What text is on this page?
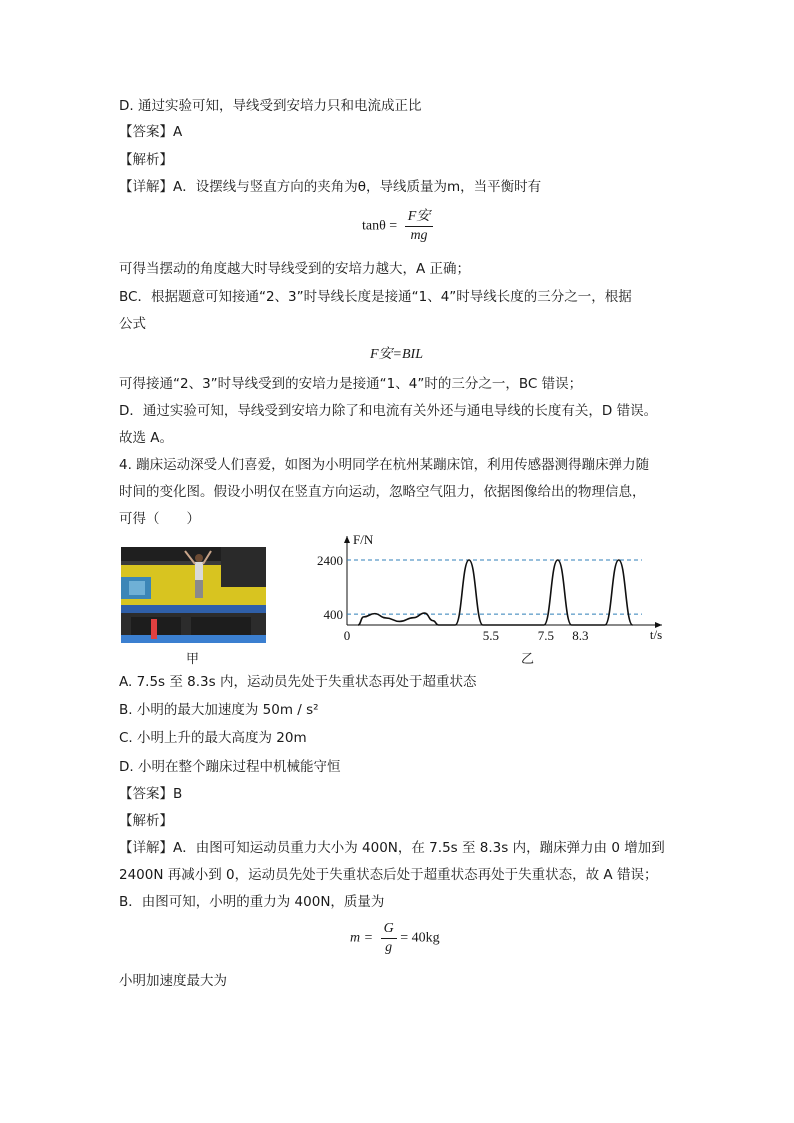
D. 通过实验可知，导线受到安培力只和电流成正比
【答案】A
【解析】
【详解】A．设摆线与竖直方向的夹角为θ，导线质量为m，当平衡时有
$\tan\theta = \frac{\text{F安}}{mg}$
可得当摆动的角度越大时导线受到的安培力越大，A 正确；
BC．根据题意可知接通“2、3”时导线长度是接通“1、4”时导线长度的三分之一，根据
公式
F安=BIL
可得接通“2、3”时导线受到的安培力是接通“1、4”时的三分之一，BC 错误；
D．通过实验可知，导线受到安培力除了和电流有关外还与通电导线的长度有关，D 错误。
故选 A。
4. 蹦床运动深受人们喜爱，如图为小明同学在杭州某蹦床馆，利用传感器测得蹦床弹力随
时间的变化图。假设小明仅在竖直方向运动，忽略空气阻力，依据图像给出的物理信息，
可得（　　）
甲
F/N
t/s
0
400
2400
5.5	7.5 8.3
乙
A. 7.5s 至 8.3s 内，运动员先处于失重状态再处于超重状态
B. 小明的最大加速度为 50m / s²
C. 小明上升的最大高度为 20m
D. 小明在整个蹦床过程中机械能守恒
【答案】B
【解析】
【详解】A．由图可知运动员重力大小为 400N，在 7.5s 至 8.3s 内，蹦床弹力由 0 增加到
2400N 再减小到 0，运动员先处于失重状态后处于超重状态再处于失重状态，故 A 错误；
B．由图可知，小明的重力为 400N，质量为
$m = \frac{G}{g} = 40kg$
小明加速度最大为
